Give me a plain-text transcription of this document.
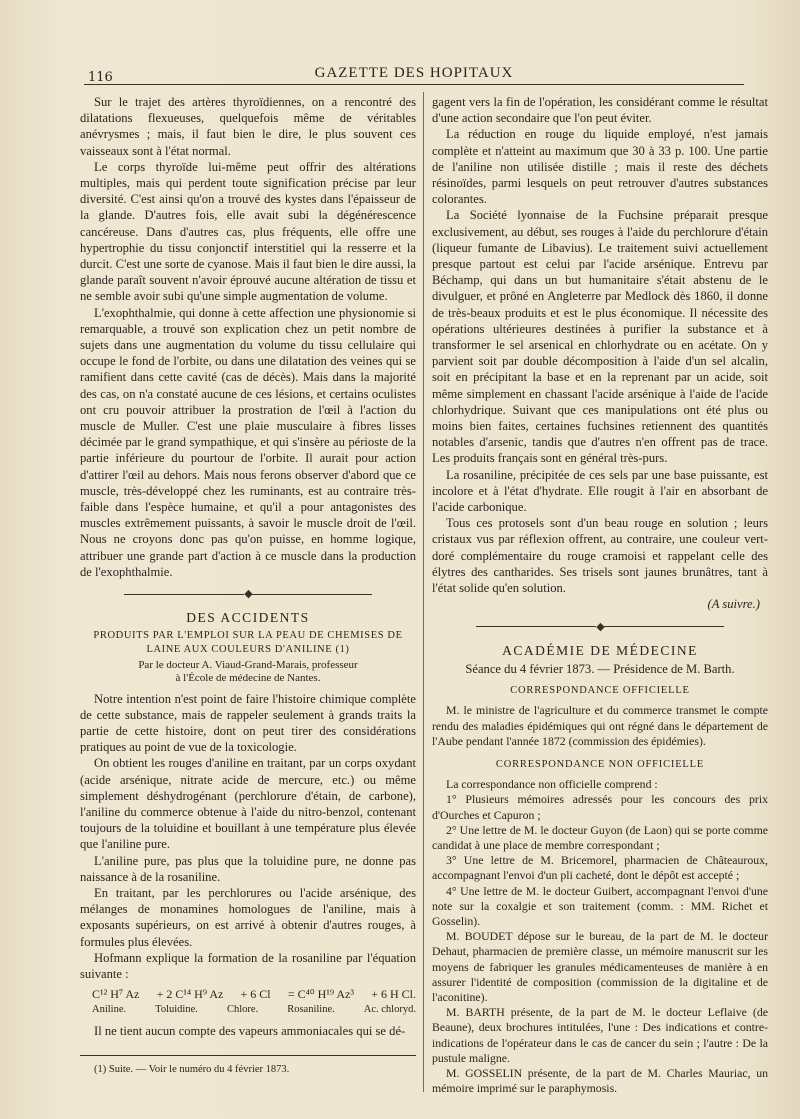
116	GAZETTE DES HOPITAUX

Sur le trajet des artères thyroïdiennes, on a rencontré des dilatations flexueuses, quelquefois même de véritables anévrysmes ; mais, il faut bien le dire, le plus souvent ces vaisseaux sont à l'état normal.

Le corps thyroïde lui-même peut offrir des altérations multiples, mais qui perdent toute signification précise par leur diversité. C'est ainsi qu'on a trouvé des kystes dans l'épaisseur de la glande. D'autres fois, elle avait subi la dégénérescence cancéreuse. Dans d'autres cas, plus fréquents, elle offre une hypertrophie du tissu conjonctif interstitiel qui la resserre et la durcit. C'est une sorte de cyanose. Mais il faut bien le dire aussi, la glande paraît souvent n'avoir éprouvé aucune altération de tissu et ne semble avoir subi qu'une simple augmentation de volume.

L'exophthalmie, qui donne à cette affection une physionomie si remarquable, a trouvé son explication chez un petit nombre de sujets dans une augmentation du volume du tissu cellulaire qui occupe le fond de l'orbite, ou dans une dilatation des veines qui se ramifient dans cette cavité (cas de décès). Mais dans la majorité des cas, on n'a constaté aucune de ces lésions, et certains oculistes ont cru pouvoir attribuer la prostration de l'œil à l'action du muscle de Muller. C'est une plaie musculaire à fibres lisses décimée par le grand sympathique, et qui s'insère au périoste de la partie inférieure du pourtour de l'orbite. Il aurait pour action d'attirer l'œil au dehors. Mais nous ferons observer d'abord que ce muscle, très-développé chez les ruminants, est au contraire très-faible dans l'espèce humaine, et qu'il a pour antagonistes des muscles extrêmement puissants, à savoir le muscle droit de l'œil. Nous ne croyons donc pas qu'on puisse, en homme logique, attribuer une grande part d'action à ce muscle dans la production de l'exophthalmie.

◆
DES ACCIDENTS
PRODUITS PAR L'EMPLOI SUR LA PEAU DE CHEMISES DE LAINE AUX COULEURS D'ANILINE (1)
Par le docteur A. Viaud-Grand-Marais, professeur
à l'École de médecine de Nantes.

Notre intention n'est point de faire l'histoire chimique complète de cette substance, mais de rappeler seulement à grands traits la partie de cette histoire, dont on peut tirer des considérations pratiques au point de vue de la toxicologie.

On obtient les rouges d'aniline en traitant, par un corps oxydant (acide arsénique, nitrate acide de mercure, etc.) ou même simplement déshydrogénant (perchlorure d'étain, de carbone), l'aniline du commerce obtenue à l'aide du nitro-benzol, contenant toujours de la toluidine et bouillant à une température plus élevée que l'aniline pure.

L'aniline pure, pas plus que la toluidine pure, ne donne pas naissance à de la rosaniline.

En traitant, par les perchlorures ou l'acide arsénique, des mélanges de monamines homologues de l'aniline, mais à exposants supérieurs, on est arrivé à obtenir d'autres rouges, à formules plus élevées.

Hofmann explique la formation de la rosaniline par l'équation suivante :

C¹² H⁷ Az + 2 C¹⁴ H⁹ Az + 6 Cl = C⁴⁰ H¹⁹ Az³ + 6 H Cl.
Aniline.	Toluidine.	Chlore.	Rosaniline.	Ac. chloryd.

Il ne tient aucun compte des vapeurs ammoniacales qui se dé-

(1) Suite. — Voir le numéro du 4 février 1873.

gagent vers la fin de l'opération, les considérant comme le résultat d'une action secondaire que l'on peut éviter.

La réduction en rouge du liquide employé, n'est jamais complète et n'atteint au maximum que 30 à 33 p. 100. Une partie de l'aniline non utilisée distille ; mais il reste des déchets résinoïdes, parmi lesquels on peut retrouver d'autres substances colorantes.

La Société lyonnaise de la Fuchsine préparait presque exclusivement, au début, ses rouges à l'aide du perchlorure d'étain (liqueur fumante de Libavius). Le traitement suivi actuellement presque partout est celui par l'acide arsénique. Entrevu par Béchamp, qui dans un but humanitaire s'était abstenu de le divulguer, et prôné en Angleterre par Medlock dès 1860, il donne de très-beaux produits et est le plus économique. Il nécessite des opérations ultérieures destinées à purifier la substance et à transformer le sel arsenical en chlorhydrate ou en acétate. On y parvient soit par double décomposition à l'aide d'un sel alcalin, soit en précipitant la base et en la reprenant par un acide, soit même simplement en chassant l'acide arsénique à l'aide de l'acide chlorhydrique. Suivant que ces manipulations ont été plus ou moins bien faites, certaines fuchsines retiennent des quantités notables d'arsenic, tandis que d'autres n'en offrent pas de trace. Les produits français sont en général très-purs.

La rosaniline, précipitée de ces sels par une base puissante, est incolore et à l'état d'hydrate. Elle rougit à l'air en absorbant de l'acide carbonique.

Tous ces protosels sont d'un beau rouge en solution ; leurs cristaux vus par réflexion offrent, au contraire, une couleur vert-doré complémentaire du rouge cramoisi et rappelant celle des élytres des cantharides. Ses trisels sont jaunes brunâtres, tant à l'état solide qu'en solution.

(A suivre.)
◆
ACADÉMIE DE MÉDECINE

Séance du 4 février 1873. — Présidence de M. Barth.

CORRESPONDANCE OFFICIELLE

M. le ministre de l'agriculture et du commerce transmet le compte rendu des maladies épidémiques qui ont régné dans le département de l'Aube pendant l'année 1872 (commission des épidémies).

CORRESPONDANCE NON OFFICIELLE

La correspondance non officielle comprend :

1° Plusieurs mémoires adressés pour les concours des prix d'Ourches et Capuron ;

2° Une lettre de M. le docteur Guyon (de Laon) qui se porte comme candidat à une place de membre correspondant ;

3° Une lettre de M. Bricemorel, pharmacien de Châteauroux, accompagnant l'envoi d'un pli cacheté, dont le dépôt est accepté ;

4° Une lettre de M. le docteur Guibert, accompagnant l'envoi d'une note sur la coxalgie et son traitement (comm. : MM. Richet et Gosselin).

M. BOUDET dépose sur le bureau, de la part de M. le docteur Dehaut, pharmacien de première classe, un mémoire manuscrit sur les moyens de fabriquer les granules médicamenteuses de manière à en assurer l'identité de composition (commission de la digitaline et de l'aconitine).

M. BARTH présente, de la part de M. le docteur Leflaive (de Beaune), deux brochures intitulées, l'une : Des indications et contre-indications de l'opérateur dans le cas de cancer du sein ; l'autre : De la pustule maligne.

M. GOSSELIN présente, de la part de M. Charles Mauriac, un mémoire imprimé sur le paraphymosis.
